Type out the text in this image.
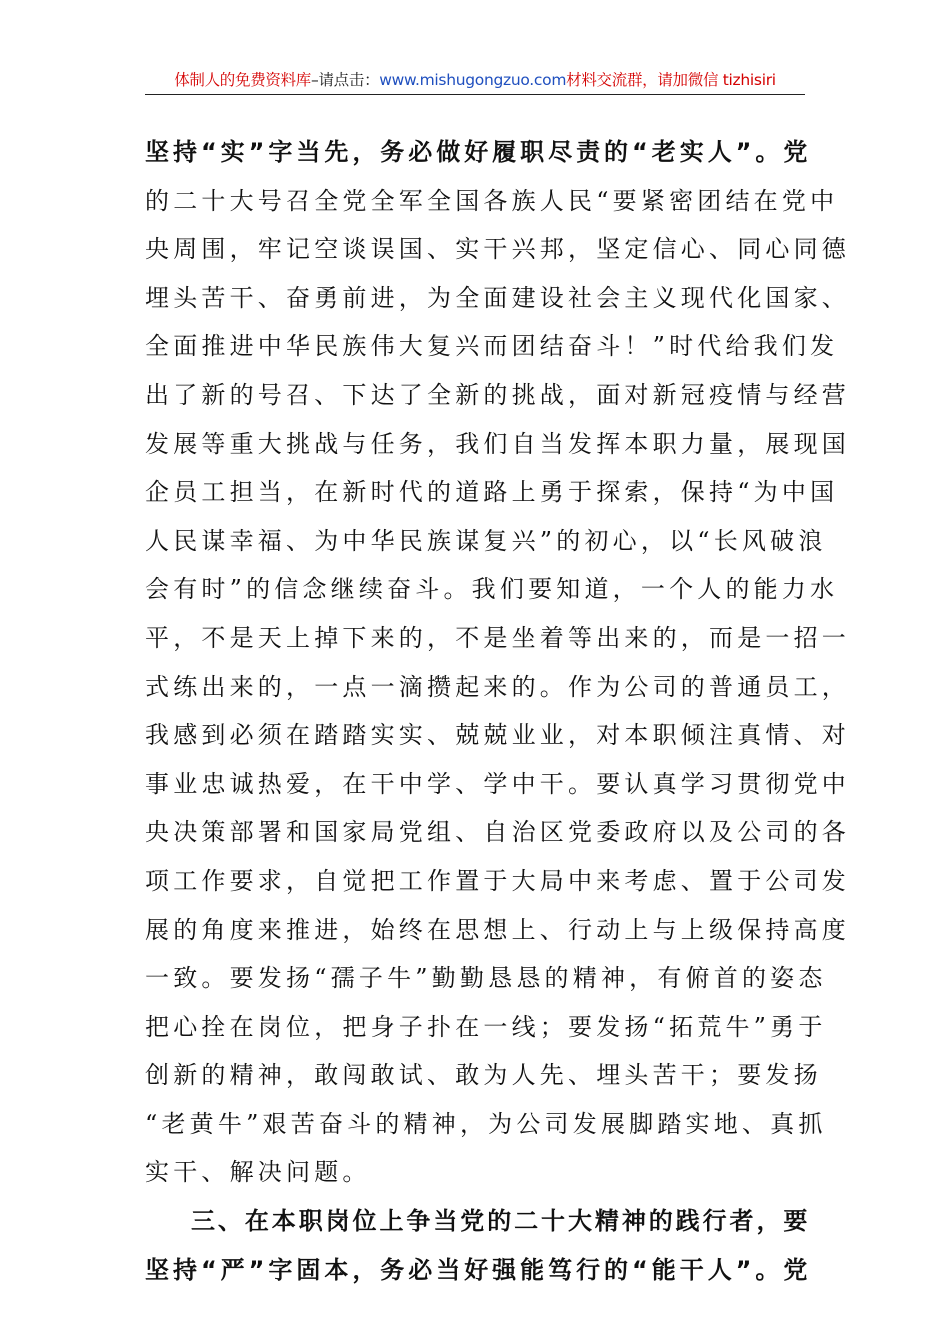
体制人的免费资料库–请点击：www.mishugongzuo.com材料交流群，请加微信 tizhisiri
坚持“实”字当先，务必做好履职尽责的“老实人”。党
的二十大号召全党全军全国各族人民“要紧密团结在党中
央周围，牢记空谈误国、实干兴邦，坚定信心、同心同德
埋头苦干、奋勇前进，为全面建设社会主义现代化国家、
全面推进中华民族伟大复兴而团结奋斗！”时代给我们发
出了新的号召、下达了全新的挑战，面对新冠疫情与经营
发展等重大挑战与任务，我们自当发挥本职力量，展现国
企员工担当，在新时代的道路上勇于探索，保持“为中国
人民谋幸福、为中华民族谋复兴”的初心，以“长风破浪
会有时”的信念继续奋斗。我们要知道，一个人的能力水
平，不是天上掉下来的，不是坐着等出来的，而是一招一
式练出来的，一点一滴攒起来的。作为公司的普通员工，
我感到必须在踏踏实实、兢兢业业，对本职倾注真情、对
事业忠诚热爱，在干中学、学中干。要认真学习贯彻党中
央决策部署和国家局党组、自治区党委政府以及公司的各
项工作要求，自觉把工作置于大局中来考虑、置于公司发
展的角度来推进，始终在思想上、行动上与上级保持高度
一致。要发扬“孺子牛”勤勤恳恳的精神，有俯首的姿态
把心拴在岗位，把身子扑在一线；要发扬“拓荒牛”勇于
创新的精神，敢闯敢试、敢为人先、埋头苦干；要发扬
“老黄牛”艰苦奋斗的精神，为公司发展脚踏实地、真抓
实干、解决问题。
三、在本职岗位上争当党的二十大精神的践行者，要
坚持“严”字固本，务必当好强能笃行的“能干人”。党
